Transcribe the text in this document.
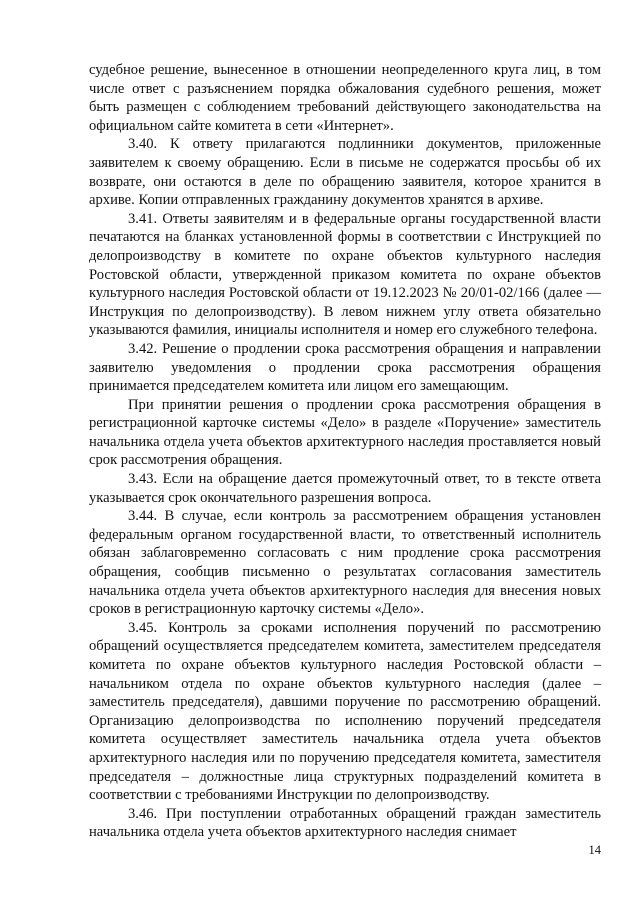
судебное решение, вынесенное в отношении неопределенного круга лиц, в том числе ответ с разъяснением порядка обжалования судебного решения, может быть размещен с соблюдением требований действующего законодательства на официальном сайте комитета в сети «Интернет».

3.40. К ответу прилагаются подлинники документов, приложенные заявителем к своему обращению. Если в письме не содержатся просьбы об их возврате, они остаются в деле по обращению заявителя, которое хранится в архиве. Копии отправленных гражданину документов хранятся в архиве.

3.41. Ответы заявителям и в федеральные органы государственной власти печатаются на бланках установленной формы в соответствии с Инструкцией по делопроизводству в комитете по охране объектов культурного наследия Ростовской области, утвержденной приказом комитета по охране объектов культурного наследия Ростовской области от 19.12.2023 № 20/01-02/166 (далее — Инструкция по делопроизводству). В левом нижнем углу ответа обязательно указываются фамилия, инициалы исполнителя и номер его служебного телефона.

3.42. Решение о продлении срока рассмотрения обращения и направлении заявителю уведомления о продлении срока рассмотрения обращения принимается председателем комитета или лицом его замещающим.

При принятии решения о продлении срока рассмотрения обращения в регистрационной карточке системы «Дело» в разделе «Поручение» заместитель начальника отдела учета объектов архитектурного наследия проставляется новый срок рассмотрения обращения.

3.43. Если на обращение дается промежуточный ответ, то в тексте ответа указывается срок окончательного разрешения вопроса.

3.44. В случае, если контроль за рассмотрением обращения установлен федеральным органом государственной власти, то ответственный исполнитель обязан заблаговременно согласовать с ним продление срока рассмотрения обращения, сообщив письменно о результатах согласования заместитель начальника отдела учета объектов архитектурного наследия для внесения новых сроков в регистрационную карточку системы «Дело».

3.45. Контроль за сроками исполнения поручений по рассмотрению обращений осуществляется председателем комитета, заместителем председателя комитета по охране объектов культурного наследия Ростовской области – начальником отдела по охране объектов культурного наследия (далее – заместитель председателя), давшими поручение по рассмотрению обращений. Организацию делопроизводства по исполнению поручений председателя комитета осуществляет заместитель начальника отдела учета объектов архитектурного наследия или по поручению председателя комитета, заместителя председателя – должностные лица структурных подразделений комитета в соответствии с требованиями Инструкции по делопроизводству.

3.46. При поступлении отработанных обращений граждан заместитель начальника отдела учета объектов архитектурного наследия снимает

14
